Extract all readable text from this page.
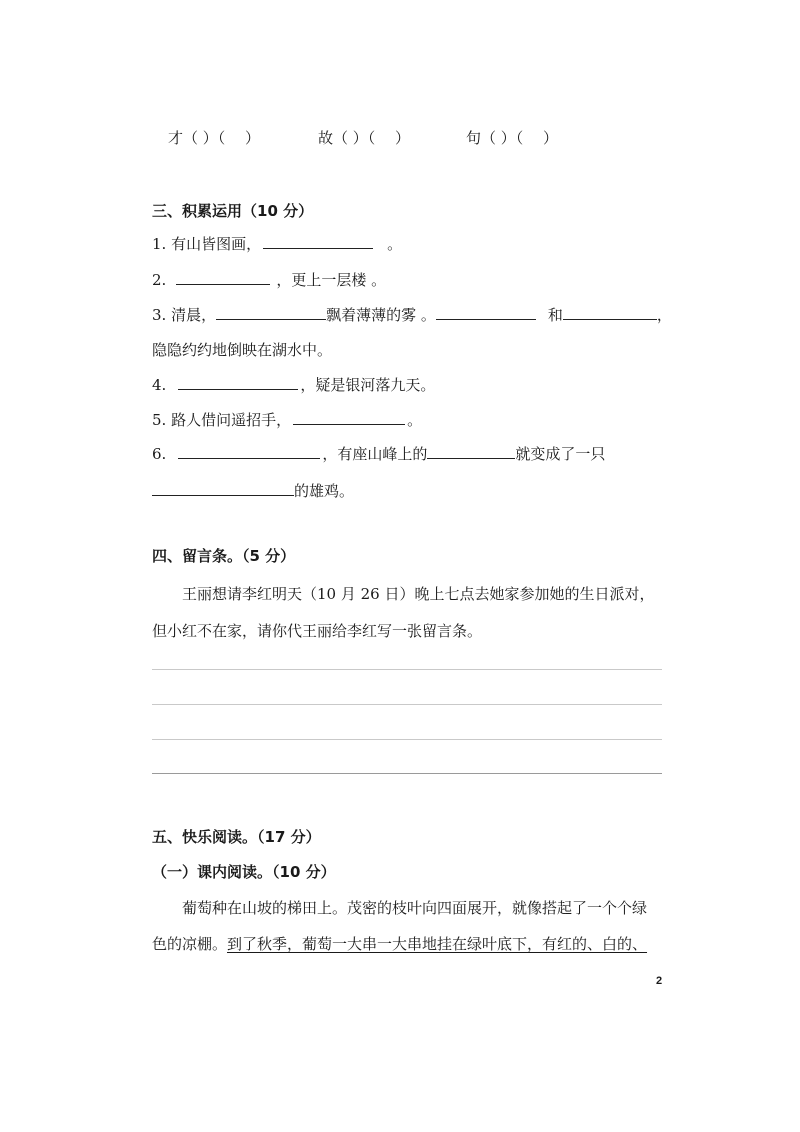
才（ ）（　 ）	故（ ）（　 ）	句（ ）（　 ）
三、积累运用（10 分）
1. 有山皆图画，	。
2.	，更上一层楼 。
3. 清晨，	飘着薄薄的雾 。	和	，
隐隐约约地倒映在湖水中。
4.	，疑是银河落九天。
5. 路人借问遥招手，	。
6.	，有座山峰上的	就变成了一只
的雄鸡。
四、留言条。（5 分）
王丽想请李红明天（10 月 26 日）晚上七点去她家参加她的生日派对，
但小红不在家，请你代王丽给李红写一张留言条。
五、快乐阅读。（17 分）
（一）课内阅读。（10 分）
葡萄种在山坡的梯田上。茂密的枝叶向四面展开，就像搭起了一个个绿
色的凉棚。到了秋季，葡萄一大串一大串地挂在绿叶底下，有红的、白的、
2
